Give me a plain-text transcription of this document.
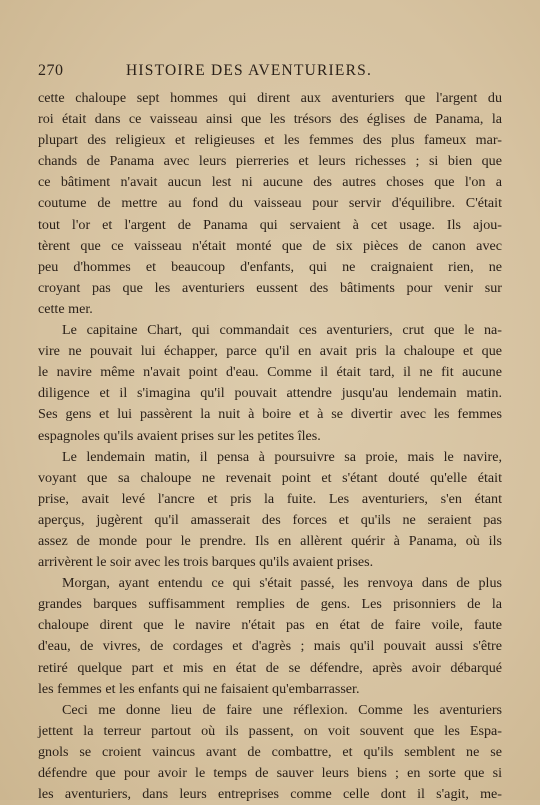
270	HISTOIRE DES AVENTURIERS.
cette chaloupe sept hommes qui dirent aux aventuriers que l'argent du
roi était dans ce vaisseau ainsi que les trésors des églises de Panama, la
plupart des religieux et religieuses et les femmes des plus fameux mar-
chands de Panama avec leurs pierreries et leurs richesses ; si bien que
ce bâtiment n'avait aucun lest ni aucune des autres choses que l'on a
coutume de mettre au fond du vaisseau pour servir d'équilibre. C'était
tout l'or et l'argent de Panama qui servaient à cet usage. Ils ajou-
tèrent que ce vaisseau n'était monté que de six pièces de canon avec
peu d'hommes et beaucoup d'enfants, qui ne craignaient rien, ne
croyant pas que les aventuriers eussent des bâtiments pour venir sur
cette mer.
Le capitaine Chart, qui commandait ces aventuriers, crut que le na-
vire ne pouvait lui échapper, parce qu'il en avait pris la chaloupe et que
le navire même n'avait point d'eau. Comme il était tard, il ne fit aucune
diligence et il s'imagina qu'il pouvait attendre jusqu'au lendemain matin.
Ses gens et lui passèrent la nuit à boire et à se divertir avec les femmes
espagnoles qu'ils avaient prises sur les petites îles.
Le lendemain matin, il pensa à poursuivre sa proie, mais le navire,
voyant que sa chaloupe ne revenait point et s'étant douté qu'elle était
prise, avait levé l'ancre et pris la fuite. Les aventuriers, s'en étant
aperçus, jugèrent qu'il amasserait des forces et qu'ils ne seraient pas
assez de monde pour le prendre. Ils en allèrent quérir à Panama, où ils
arrivèrent le soir avec les trois barques qu'ils avaient prises.
Morgan, ayant entendu ce qui s'était passé, les renvoya dans de plus
grandes barques suffisamment remplies de gens. Les prisonniers de la
chaloupe dirent que le navire n'était pas en état de faire voile, faute
d'eau, de vivres, de cordages et d'agrès ; mais qu'il pouvait aussi s'être
retiré quelque part et mis en état de se défendre, après avoir débarqué
les femmes et les enfants qui ne faisaient qu'embarrasser.
Ceci me donne lieu de faire une réflexion. Comme les aventuriers
jettent la terreur partout où ils passent, on voit souvent que les Espa-
gnols se croient vaincus avant de combattre, et qu'ils semblent ne se
défendre que pour avoir le temps de sauver leurs biens ; en sorte que si
les aventuriers, dans leurs entreprises comme celle dont il s'agit, me-
